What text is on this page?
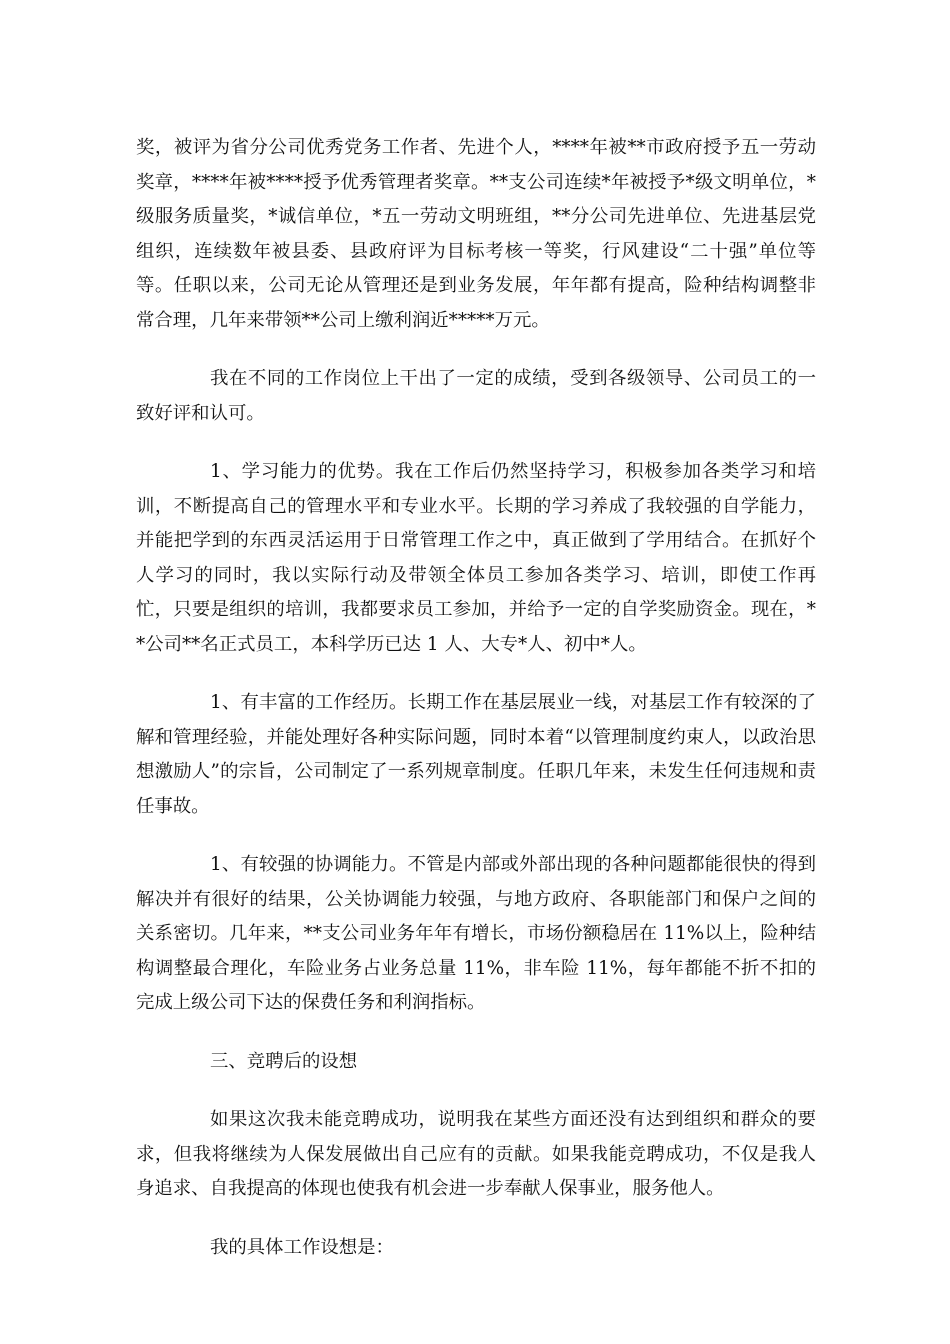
奖，被评为省分公司优秀党务工作者、先进个人，****年被**市政府授予五一劳动奖章，****年被****授予优秀管理者奖章。**支公司连续*年被授予*级文明单位，*级服务质量奖，*诚信单位，*五一劳动文明班组，**分公司先进单位、先进基层党组织，连续数年被县委、县政府评为目标考核一等奖，行风建设“二十强”单位等等。任职以来，公司无论从管理还是到业务发展，年年都有提高，险种结构调整非常合理，几年来带领**公司上缴利润近*****万元。

我在不同的工作岗位上干出了一定的成绩，受到各级领导、公司员工的一致好评和认可。

1、学习能力的优势。我在工作后仍然坚持学习，积极参加各类学习和培训，不断提高自己的管理水平和专业水平。长期的学习养成了我较强的自学能力，并能把学到的东西灵活运用于日常管理工作之中，真正做到了学用结合。在抓好个人学习的同时，我以实际行动及带领全体员工参加各类学习、培训，即使工作再忙，只要是组织的培训，我都要求员工参加，并给予一定的自学奖励资金。现在，**公司**名正式员工，本科学历已达 1 人、大专*人、初中*人。

1、有丰富的工作经历。长期工作在基层展业一线，对基层工作有较深的了解和管理经验，并能处理好各种实际问题，同时本着“以管理制度约束人，以政治思想激励人”的宗旨，公司制定了一系列规章制度。任职几年来，未发生任何违规和责任事故。

1、有较强的协调能力。不管是内部或外部出现的各种问题都能很快的得到解决并有很好的结果，公关协调能力较强，与地方政府、各职能部门和保户之间的关系密切。几年来，**支公司业务年年有增长，市场份额稳居在 11%以上，险种结构调整最合理化，车险业务占业务总量 11%，非车险 11%，每年都能不折不扣的完成上级公司下达的保费任务和利润指标。

三、竞聘后的设想

如果这次我未能竞聘成功，说明我在某些方面还没有达到组织和群众的要求，但我将继续为人保发展做出自己应有的贡献。如果我能竞聘成功，不仅是我人身追求、自我提高的体现也使我有机会进一步奉献人保事业，服务他人。

我的具体工作设想是：
